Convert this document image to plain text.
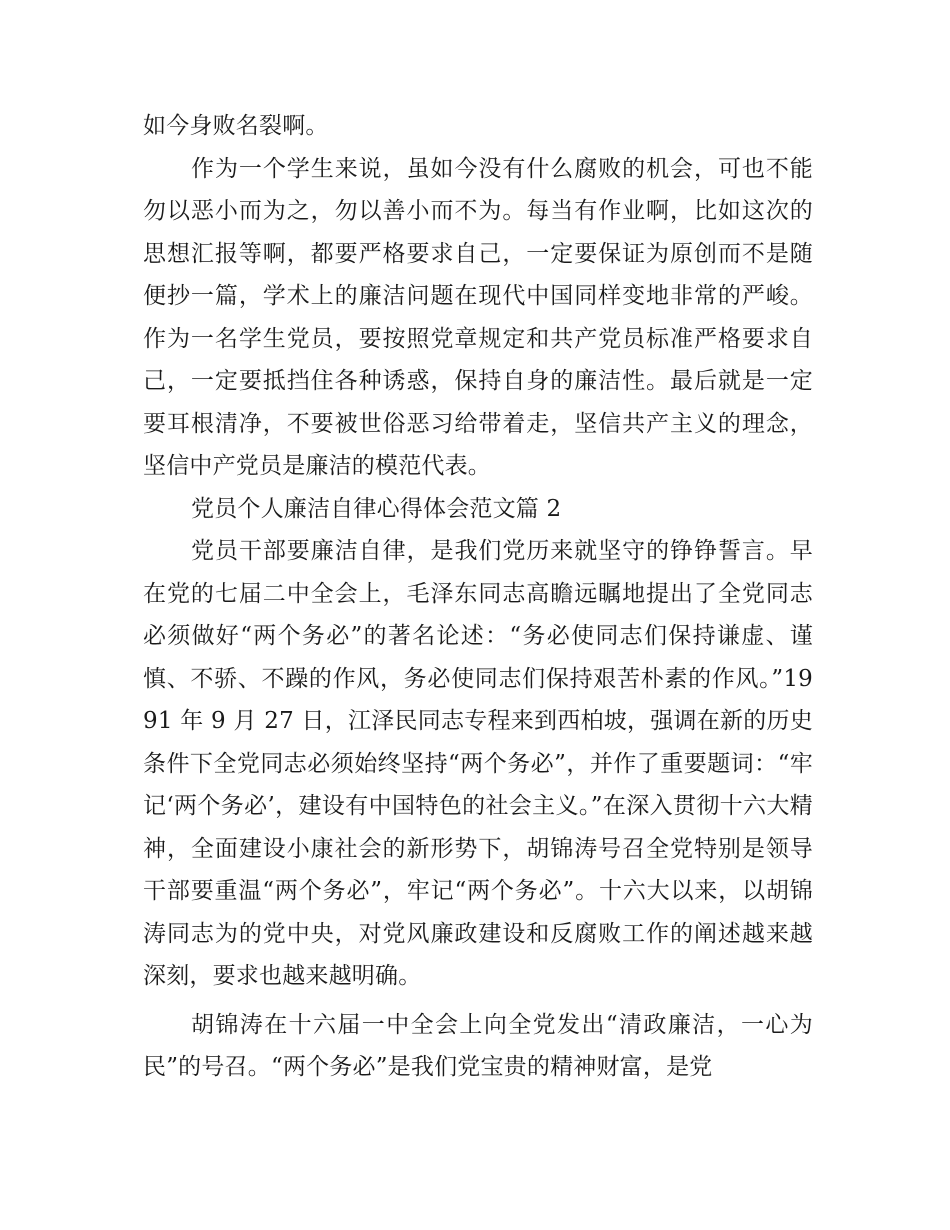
如今身败名裂啊。

作为一个学生来说，虽如今没有什么腐败的机会，可也不能勿以恶小而为之，勿以善小而不为。每当有作业啊，比如这次的思想汇报等啊，都要严格要求自己，一定要保证为原创而不是随便抄一篇，学术上的廉洁问题在现代中国同样变地非常的严峻。作为一名学生党员，要按照党章规定和共产党员标准严格要求自己，一定要抵挡住各种诱惑，保持自身的廉洁性。最后就是一定要耳根清净，不要被世俗恶习给带着走，坚信共产主义的理念，坚信中产党员是廉洁的模范代表。

党员个人廉洁自律心得体会范文篇 2

党员干部要廉洁自律，是我们党历来就坚守的铮铮誓言。早在党的七届二中全会上，毛泽东同志高瞻远瞩地提出了全党同志必须做好“两个务必”的著名论述：“务必使同志们保持谦虚、谨慎、不骄、不躁的作风，务必使同志们保持艰苦朴素的作风。”1991 年 9 月 27 日，江泽民同志专程来到西柏坡，强调在新的历史条件下全党同志必须始终坚持“两个务必”，并作了重要题词：“牢记‘两个务必’，建设有中国特色的社会主义。”在深入贯彻十六大精神，全面建设小康社会的新形势下，胡锦涛号召全党特别是领导干部要重温“两个务必”，牢记“两个务必”。十六大以来，以胡锦涛同志为的党中央，对党风廉政建设和反腐败工作的阐述越来越深刻，要求也越来越明确。

胡锦涛在十六届一中全会上向全党发出“清政廉洁，一心为民”的号召。“两个务必”是我们党宝贵的精神财富，是党
